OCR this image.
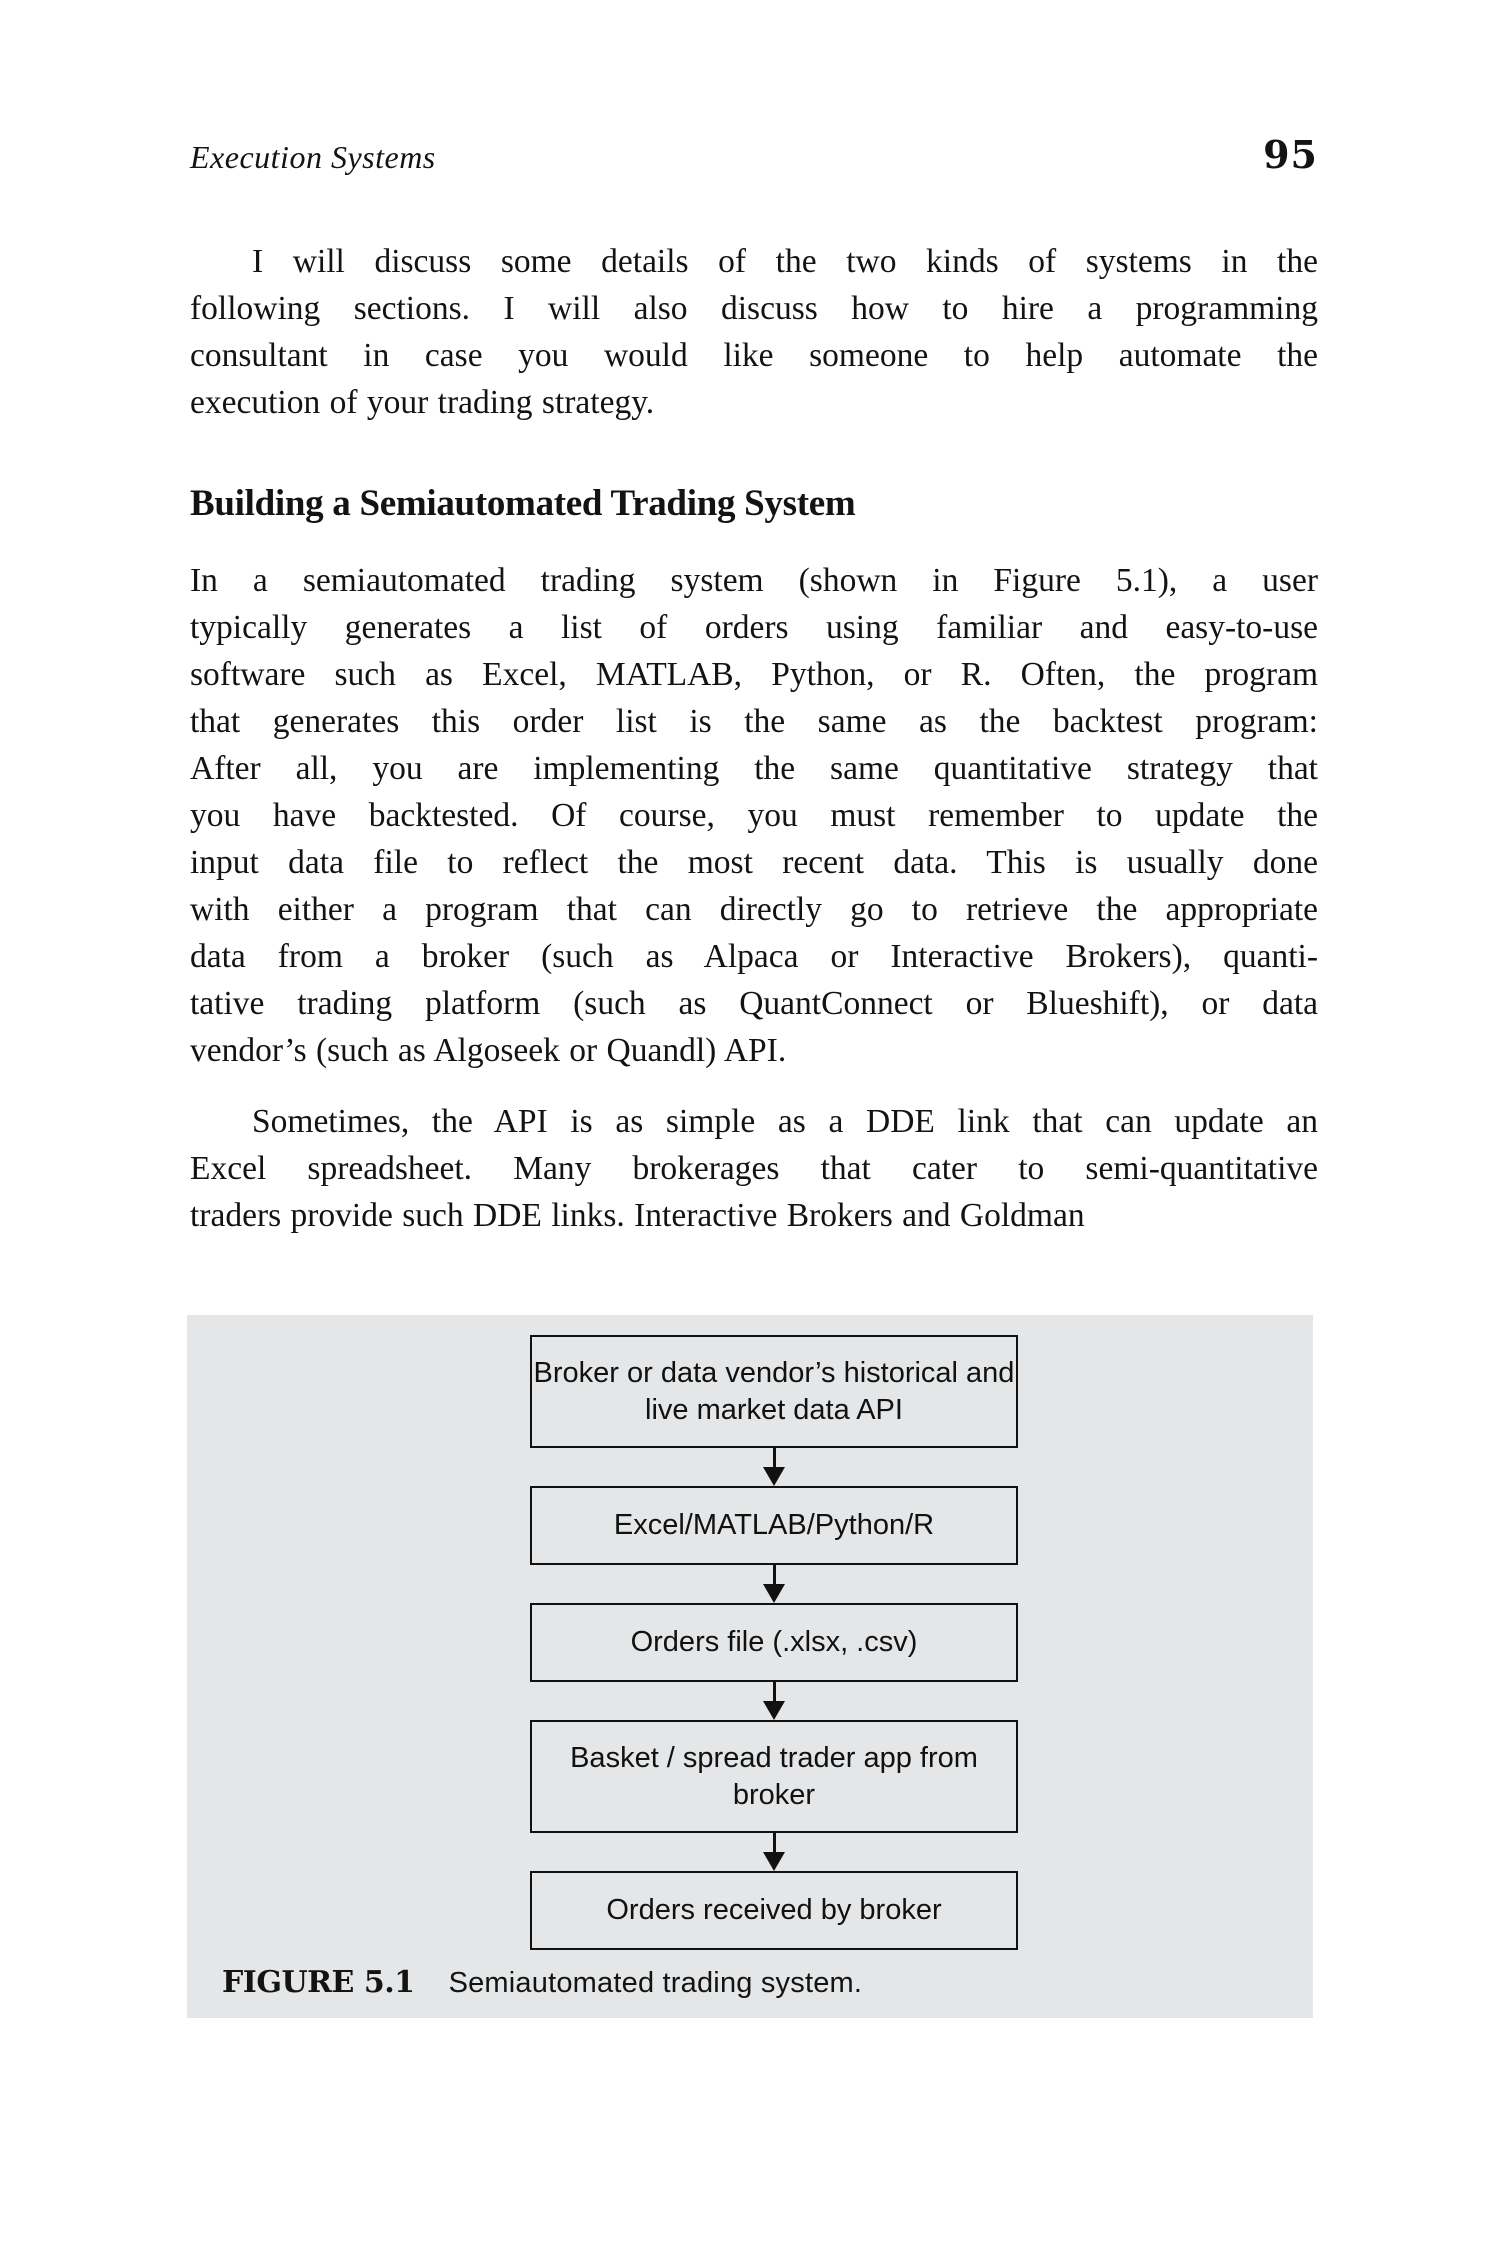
Execution Systems	95
I will discuss some details of the two kinds of systems in the
following sections. I will also discuss how to hire a programming
consultant in case you would like someone to help automate the
execution of your trading strategy.
Building a Semiautomated Trading System
In a semiautomated trading system (shown in Figure 5.1), a user
typically generates a list of orders using familiar and easy-to-use
software such as Excel, MATLAB, Python, or R. Often, the program
that generates this order list is the same as the backtest program:
After all, you are implementing the same quantitative strategy that
you have backtested. Of course, you must remember to update the
input data file to reflect the most recent data. This is usually done
with either a program that can directly go to retrieve the appropriate
data from a broker (such as Alpaca or Interactive Brokers), quanti-
tative trading platform (such as QuantConnect or Blueshift), or data
vendor’s (such as Algoseek or Quandl) API.
Sometimes, the API is as simple as a DDE link that can update an
Excel spreadsheet. Many brokerages that cater to semi-quantitative
traders provide such DDE links. Interactive Brokers and Goldman
Broker or data vendor’s historical and
live market data API
Excel/MATLAB/Python/R
Orders file (.xlsx, .csv)
Basket / spread trader app from
broker
Orders received by broker
FIGURE 5.1 Semiautomated trading system.
